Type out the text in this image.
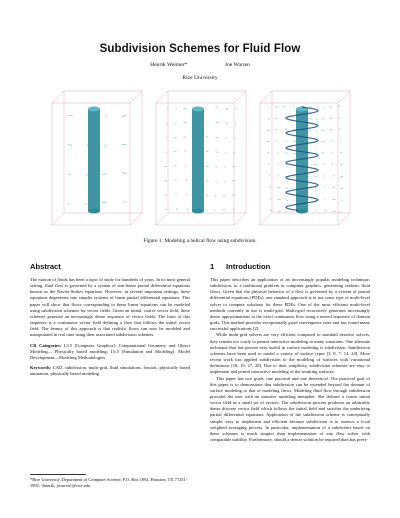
Subdivision Schemes for Fluid Flow
Henrik Weimer*	Joe Warren
Rice University
Figure 1: Modeling a helical flow using subdivision.
Abstract

The motion of fluids has been a topic of study for hundreds of years. In its most general setting, fluid flow is governed by a system of non-linear partial differential equations known as the Navier-Stokes equations. However, in several important settings, these equations degenerate into simpler systems of linear partial differential equations. This paper will show that flows corresponding to these linear equations can be modeled using subdivision schemes for vector fields. Given an initial, coarse vector field, these schemes generate an increasingly dense sequence of vector fields. The limit of this sequence is a continuous vector field defining a flow that follows the initial vector field. The beauty of this approach is that realistic flows can now be modeled and manipulated in real time using their associated subdivision schemes.

CR Categories: I.3.5 [Computer Graphics]: Computational Geometry and Object Modeling— Physically based modeling; I.6.5 [Simulation and Modeling]: Model Development—Modeling Methodologies

Keywords: CAD, subdivision, multi-grid, fluid simulations, fractals, physically based animation, physically based modeling

1 Introduction

This paper describes an application of an increasingly popular modeling technique, subdivision, to a traditional problem in computer graphics, generating realistic fluid flows. Given that the physical behavior of a flow is governed by a system of partial differential equations (PDEs), one standard approach is to use some type of multi-level solver to compute solutions for these PDEs. One of the most efficient multi-level methods currently in use is multi-grid. Multi-grid recursively generates increasingly dense approximations to the exact continuous flow using a nested sequence of domain grids. This method provides exceptionally good convergence rates and has found many successful applications [2].

While multi-grid solvers are very efficient compared to standard iterative solvers, they remain too costly to permit interactive modeling in many situations. One alternate technique that has proven very useful in surface modeling is subdivision. Subdivision schemes have been used to model a variety of surface types [3, 8, 7, 14, 24]. More recent work has applied subdivision to the modeling of surfaces with variational definitions [18, 19, 27, 28]. Due to their simplicity, subdivision schemes are easy to implement and permit interactive modeling of the resulting surfaces.

This paper has two goals, one practical and one theoretical. The practical goal of this paper is to demonstrate that subdivision can be extended beyond the domain of surface modeling to that of modeling flows. Modeling fluid flow through subdivision provides the user with an intuitive modeling metaphor. She defines a coarse initial vector field as a small set of vectors. The subdivision process produces an arbitrarily dense discrete vector field which follows the initial field and satisfies the underlying partial differential equations. Application of the subdivision scheme is conceptually simple, easy to implement and efficient because subdivision is in essence a local weighted averaging process. In particular, implementation of a subdivider based on these schemes is much simpler than implementation of any flow solver with comparable stability. Furthermore, should a denser solution be required than has previ-

*Rice University, Department of Computer Science, P.O. Box 1892, Houston, TX 77251-1892, {henrik, jwarren}@rice.edu
